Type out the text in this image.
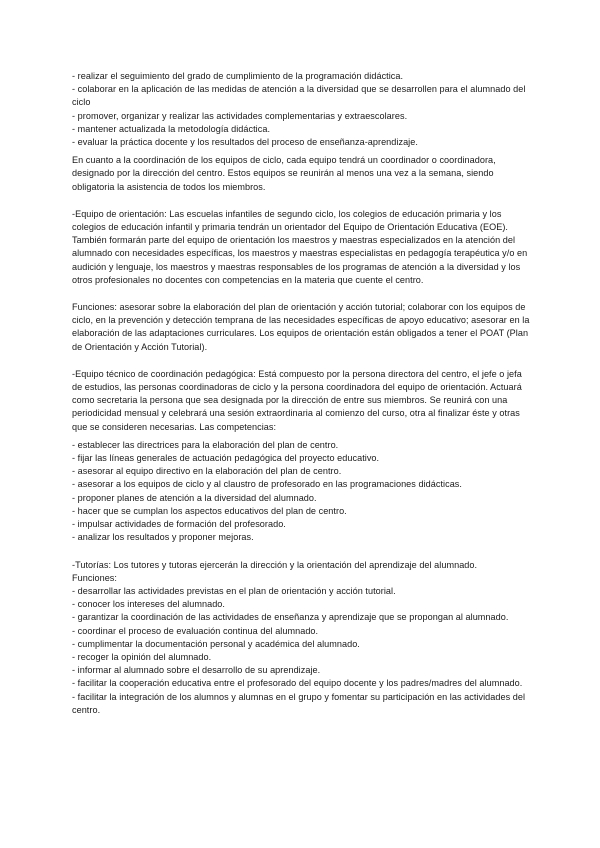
- realizar el seguimiento del grado de cumplimiento de la programación didáctica.
- colaborar en la aplicación de las medidas de atención a la diversidad que se desarrollen para el alumnado del ciclo
- promover, organizar y realizar las actividades complementarias y extraescolares.
- mantener actualizada la metodología didáctica.
- evaluar la práctica docente y los resultados del proceso de enseñanza-aprendizaje.

En cuanto a la coordinación de los equipos de ciclo, cada equipo tendrá un coordinador o coordinadora, designado por la dirección del centro. Estos equipos se reunirán al menos una vez a la semana, siendo obligatoria la asistencia de todos los miembros.

-Equipo de orientación: Las escuelas infantiles de segundo ciclo, los colegios de educación primaria y los colegios de educación infantil y primaria tendrán un orientador del Equipo de Orientación Educativa (EOE). También formarán parte del equipo de orientación los maestros y maestras especializados en la atención del alumnado con necesidades específicas, los maestros y maestras especialistas en pedagogía terapéutica y/o en audición y lenguaje, los maestros y maestras responsables de los programas de atención a la diversidad y los otros profesionales no docentes con competencias en la materia que cuente el centro.

Funciones: asesorar sobre la elaboración del plan de orientación y acción tutorial; colaborar con los equipos de ciclo, en la prevención y detección temprana de las necesidades específicas de apoyo educativo; asesorar en la elaboración de las adaptaciones curriculares. Los equipos de orientación están obligados a tener el POAT (Plan de Orientación y Acción Tutorial).

-Equipo técnico de coordinación pedagógica: Está compuesto por la persona directora del centro, el jefe o jefa de estudios, las personas coordinadoras de ciclo y la persona coordinadora del equipo de orientación. Actuará como secretaria la persona que sea designada por la dirección de entre sus miembros. Se reunirá con una periodicidad mensual y celebrará una sesión extraordinaria al comienzo del curso, otra al finalizar éste y otras que se consideren necesarias. Las competencias:

- establecer las directrices para la elaboración del plan de centro.
- fijar las líneas generales de actuación pedagógica del proyecto educativo.
- asesorar al equipo directivo en la elaboración del plan de centro.
- asesorar a los equipos de ciclo y al claustro de profesorado en las programaciones didácticas.
- proponer planes de atención a la diversidad del alumnado.
- hacer que se cumplan los aspectos educativos del plan de centro.
- impulsar actividades de formación del profesorado.
- analizar los resultados y proponer mejoras.

-Tutorías: Los tutores y tutoras ejercerán la dirección y la orientación del aprendizaje del alumnado.

Funciones:

- desarrollar las actividades previstas en el plan de orientación y acción tutorial.
- conocer los intereses del alumnado.
- garantizar la coordinación de las actividades de enseñanza y aprendizaje que se propongan al alumnado.
- coordinar el proceso de evaluación continua del alumnado.
- cumplimentar la documentación personal y académica del alumnado.
- recoger la opinión del alumnado.
- informar al alumnado sobre el desarrollo de su aprendizaje.
- facilitar la cooperación educativa entre el profesorado del equipo docente y los padres/madres del alumnado.
- facilitar la integración de los alumnos y alumnas en el grupo y fomentar su participación en las actividades del centro.
